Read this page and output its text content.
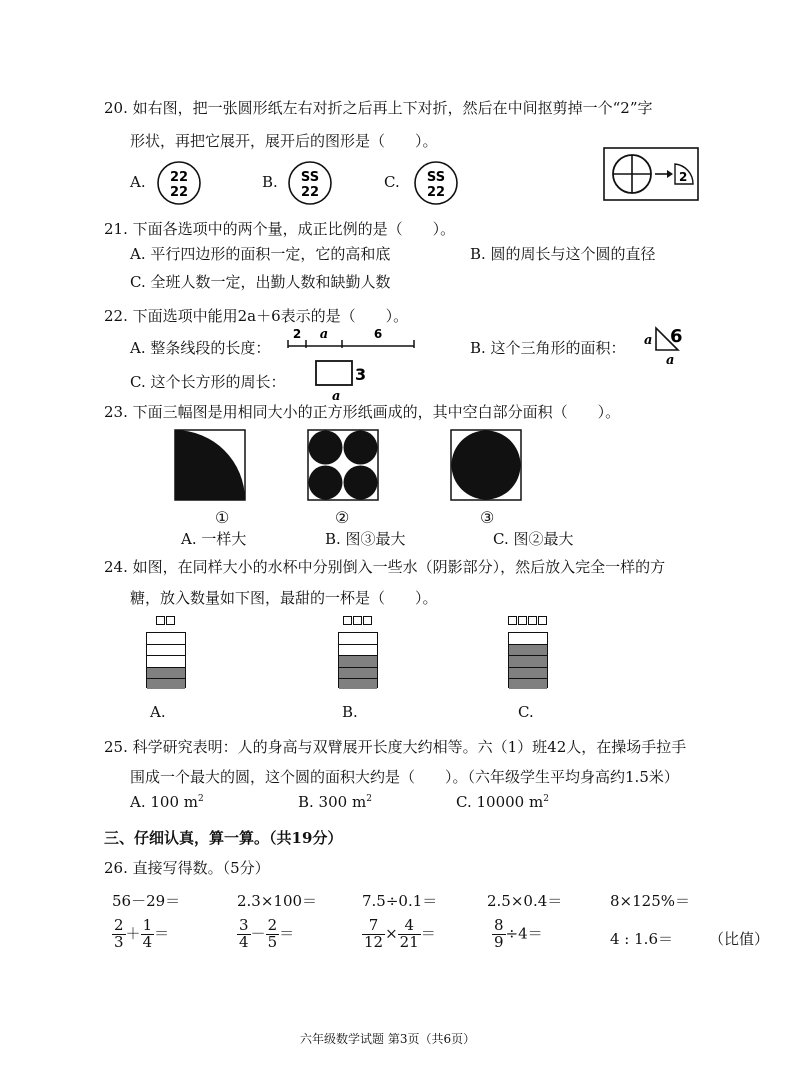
20. 如右图，把一张圆形纸左右对折之后再上下对折，然后在中间抠剪掉一个“2”字
形状，再把它展开，展开后的图形是（　　）。
A. 22
22
B. SS
22
C. SS
22
2
21. 下面各选项中的两个量，成正比例的是（　　）。
A. 平行四边形的面积一定，它的高和底	B. 圆的周长与这个圆的直径
C. 全班人数一定，出勤人数和缺勤人数
22. 下面选项中能用2a＋6表示的是（　　）。
A. 整条线段的长度：
2 a	6
B. 这个三角形的面积： a 6
a
C. 这个长方形的周长：	3
a
23. 下面三幅图是用相同大小的正方形纸画成的，其中空白部分面积（　　）。
①	②	③
A. 一样大	B. 图③最大	C. 图②最大
24. 如图，在同样大小的水杯中分别倒入一些水（阴影部分），然后放入完全一样的方
糖，放入数量如下图，最甜的一杯是（　　）。
A.	B.	C.
25. 科学研究表明：人的身高与双臂展开长度大约相等。六（1）班42人，在操场手拉手
围成一个最大的圆，这个圆的面积大约是（　　）。（六年级学生平均身高约1.5米）
A. 100 $m^2$	B. 300 $m^2$	C. 10000 $m^2$
三、仔细认真，算一算。（共19分）
26. 直接写得数。（5分）
56－29＝	2.3×100＝	7.5÷0.1＝	2.5×0.4＝	8×125%＝
$\frac{2}{3} + \frac{1}{4}$ ＝	$\frac{3}{4} - \frac{2}{5}$ ＝	$\frac{7}{12} \times \frac{4}{21}$ ＝	$\frac{8}{9} \div 4=$	4 : 1.6＝ （比值）
六年级数学试题 第3页（共6页）
